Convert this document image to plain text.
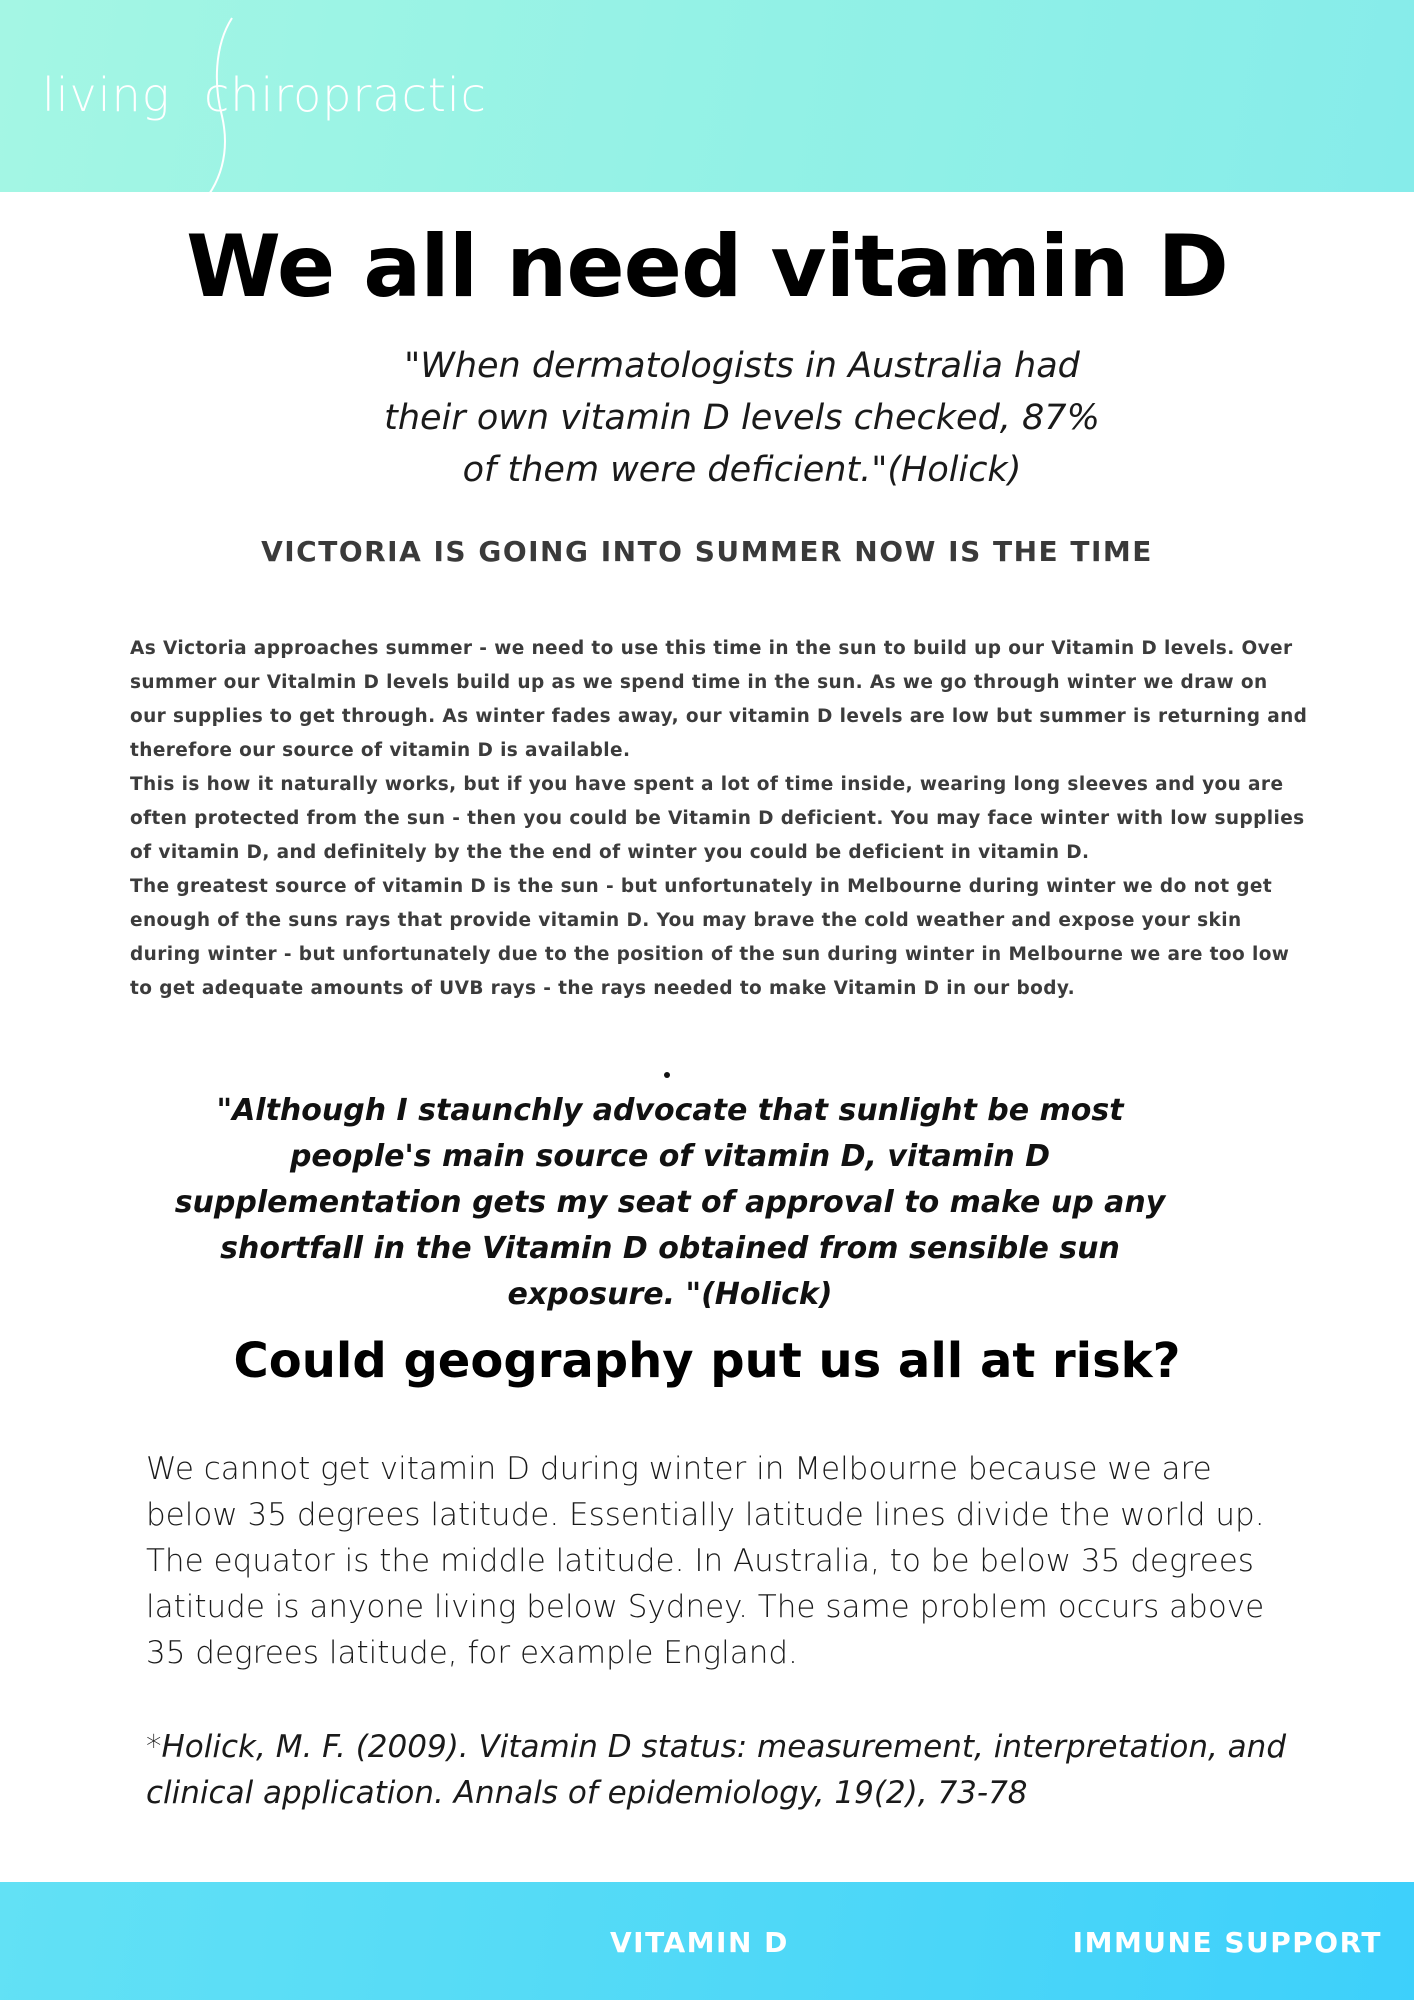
living chiropractic
We all need vitamin D

"When dermatologists in Australia had their own vitamin D levels checked, 87% of them were deficient."(Holick)

VICTORIA IS GOING INTO SUMMER NOW IS THE TIME

As Victoria approaches summer - we need to use this time in the sun to build up our Vitamin D levels. Over summer our Vitalmin D levels build up as we spend time in the sun. As we go through winter we draw on our supplies to get through. As winter fades away, our vitamin D levels are low but summer is returning and therefore our source of vitamin D is available.

This is how it naturally works, but if you have spent a lot of time inside, wearing long sleeves and you are often protected from the sun - then you could be Vitamin D deficient. You may face winter with low supplies of vitamin D, and definitely by the the end of winter you could be deficient in vitamin D.

The greatest source of vitamin D is the sun - but unfortunately in Melbourne during winter we do not get enough of the suns rays that provide vitamin D. You may brave the cold weather and expose your skin during winter - but unfortunately due to the position of the sun during winter in Melbourne we are too low to get adequate amounts of UVB rays - the rays needed to make Vitamin D in our body.

"Although I staunchly advocate that sunlight be most people's main source of vitamin D, vitamin D supplementation gets my seat of approval to make up any shortfall in the Vitamin D obtained from sensible sun exposure. "(Holick)

Could geography put us all at risk?

We cannot get vitamin D during winter in Melbourne because we are below 35 degrees latitude. Essentially latitude lines divide the world up. The equator is the middle latitude. In Australia, to be below 35 degrees latitude is anyone living below Sydney. The same problem occurs above 35 degrees latitude, for example England.

*Holick, M. F. (2009). Vitamin D status: measurement, interpretation, and clinical application. Annals of epidemiology, 19(2), 73-78

VITAMIN D	IMMUNE SUPPORT
